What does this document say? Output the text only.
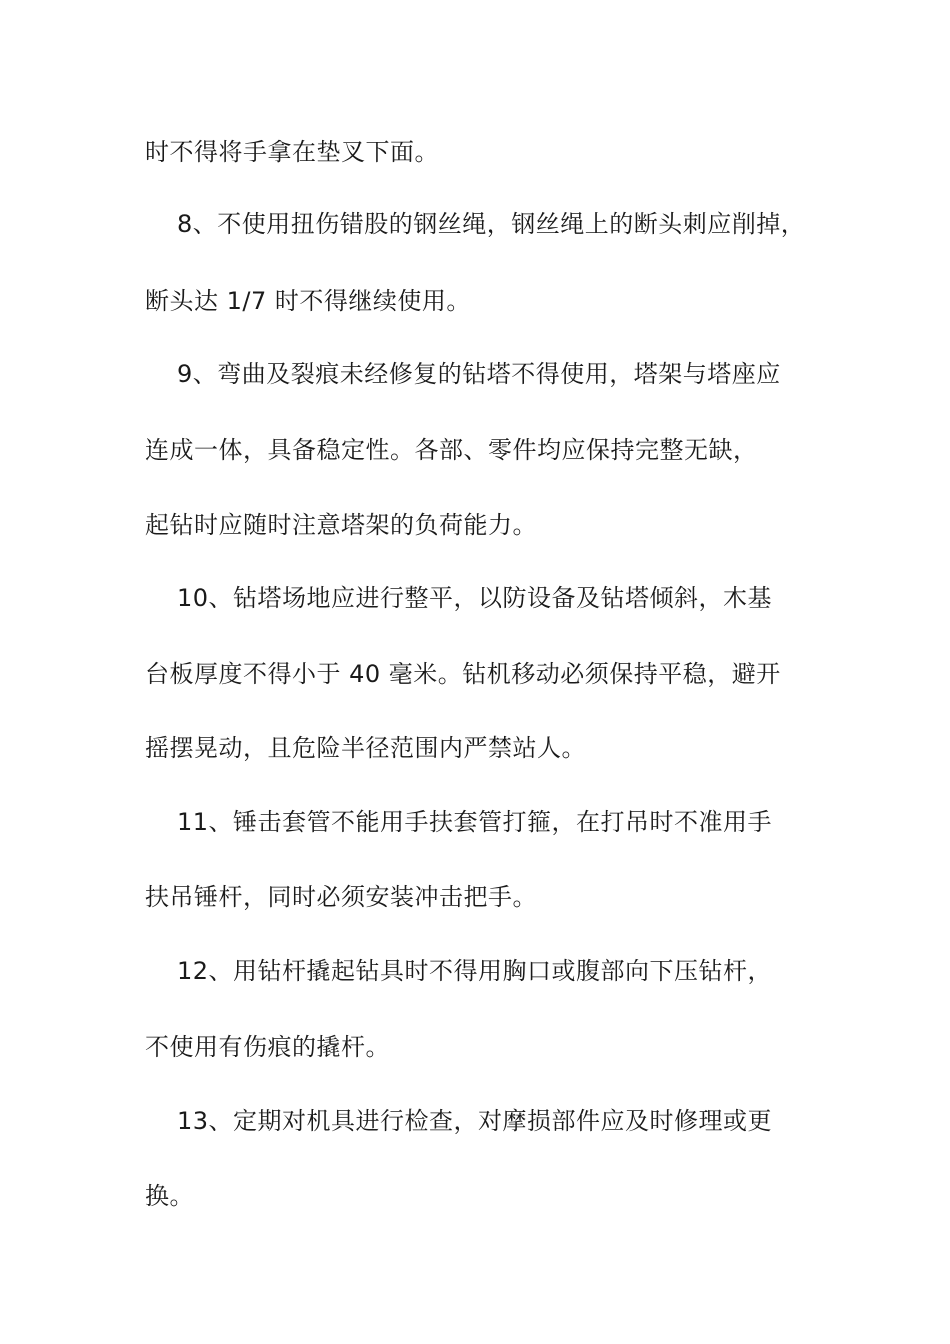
时不得将手拿在垫叉下面。
8、不使用扭伤错股的钢丝绳，钢丝绳上的断头刺应削掉，
断头达 1/7 时不得继续使用。
9、弯曲及裂痕未经修复的钻塔不得使用，塔架与塔座应
连成一体，具备稳定性。各部、零件均应保持完整无缺，
起钻时应随时注意塔架的负荷能力。
10、钻塔场地应进行整平，以防设备及钻塔倾斜，木基
台板厚度不得小于 40 毫米。钻机移动必须保持平稳，避开
摇摆晃动，且危险半径范围内严禁站人。
11、锤击套管不能用手扶套管打箍，在打吊时不准用手
扶吊锤杆，同时必须安装冲击把手。
12、用钻杆撬起钻具时不得用胸口或腹部向下压钻杆，
不使用有伤痕的撬杆。
13、定期对机具进行检查，对摩损部件应及时修理或更
换。
